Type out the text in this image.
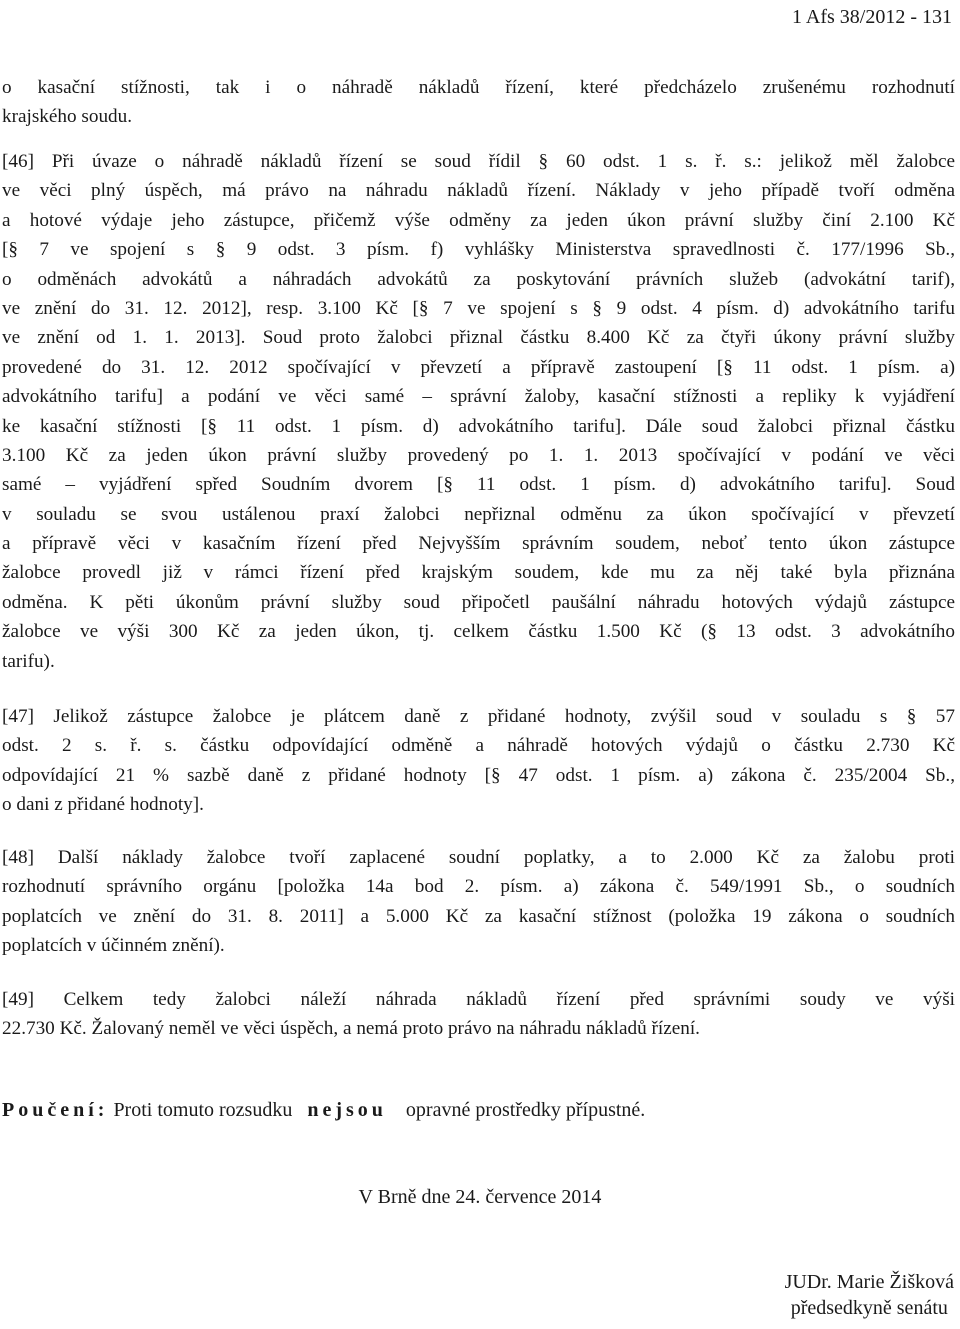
1 Afs 38/2012 - 131
o kasační stížnosti, tak i o náhradě nákladů řízení, které předcházelo zrušenému rozhodnutí
krajského soudu.
[46] Při úvaze o náhradě nákladů řízení se soud řídil § 60 odst. 1 s. ř. s.: jelikož měl žalobce
ve věci plný úspěch, má právo na náhradu nákladů řízení. Náklady v jeho případě tvoří odměna
a hotové výdaje jeho zástupce, přičemž výše odměny za jeden úkon právní služby činí 2.100 Kč
[§ 7 ve spojení s § 9 odst. 3 písm. f) vyhlášky Ministerstva spravedlnosti č. 177/1996 Sb.,
o odměnách advokátů a náhradách advokátů za poskytování právních služeb (advokátní tarif),
ve znění do 31. 12. 2012], resp. 3.100 Kč [§ 7 ve spojení s § 9 odst. 4 písm. d) advokátního tarifu
ve znění od 1. 1. 2013]. Soud proto žalobci přiznal částku 8.400 Kč za čtyři úkony právní služby
provedené do 31. 12. 2012 spočívající v převzetí a přípravě zastoupení [§ 11 odst. 1 písm. a)
advokátního tarifu] a podání ve věci samé – správní žaloby, kasační stížnosti a repliky k vyjádření
ke kasační stížnosti [§ 11 odst. 1 písm. d) advokátního tarifu]. Dále soud žalobci přiznal částku
3.100 Kč za jeden úkon právní služby provedený po 1. 1. 2013 spočívající v podání ve věci
samé – vyjádření spřed Soudním dvorem [§ 11 odst. 1 písm. d) advokátního tarifu]. Soud
v souladu se svou ustálenou praxí žalobci nepřiznal odměnu za úkon spočívající v převzetí
a přípravě věci v kasačním řízení před Nejvyšším správním soudem, neboť tento úkon zástupce
žalobce provedl již v rámci řízení před krajským soudem, kde mu za něj také byla přiznána
odměna. K pěti úkonům právní služby soud připočetl paušální náhradu hotových výdajů zástupce
žalobce ve výši 300 Kč za jeden úkon, tj. celkem částku 1.500 Kč (§ 13 odst. 3 advokátního
tarifu).
[47] Jelikož zástupce žalobce je plátcem daně z přidané hodnoty, zvýšil soud v souladu s § 57
odst. 2 s. ř. s. částku odpovídající odměně a náhradě hotových výdajů o částku 2.730 Kč
odpovídající 21 % sazbě daně z přidané hodnoty [§ 47 odst. 1 písm. a) zákona č. 235/2004 Sb.,
o dani z přidané hodnoty].
[48] Další náklady žalobce tvoří zaplacené soudní poplatky, a to 2.000 Kč za žalobu proti
rozhodnutí správního orgánu [položka 14a bod 2. písm. a) zákona č. 549/1991 Sb., o soudních
poplatcích ve znění do 31. 8. 2011] a 5.000 Kč za kasační stížnost (položka 19 zákona o soudních
poplatcích v účinném znění).
[49] Celkem tedy žalobci náleží náhrada nákladů řízení před správními soudy ve výši
22.730 Kč. Žalovaný neměl ve věci úspěch, a nemá proto právo na náhradu nákladů řízení.
Poučení: Proti tomuto rozsudku nejsou opravné prostředky přípustné.
V Brně dne 24. července 2014
JUDr. Marie Žišková
předsedkyně senátu
